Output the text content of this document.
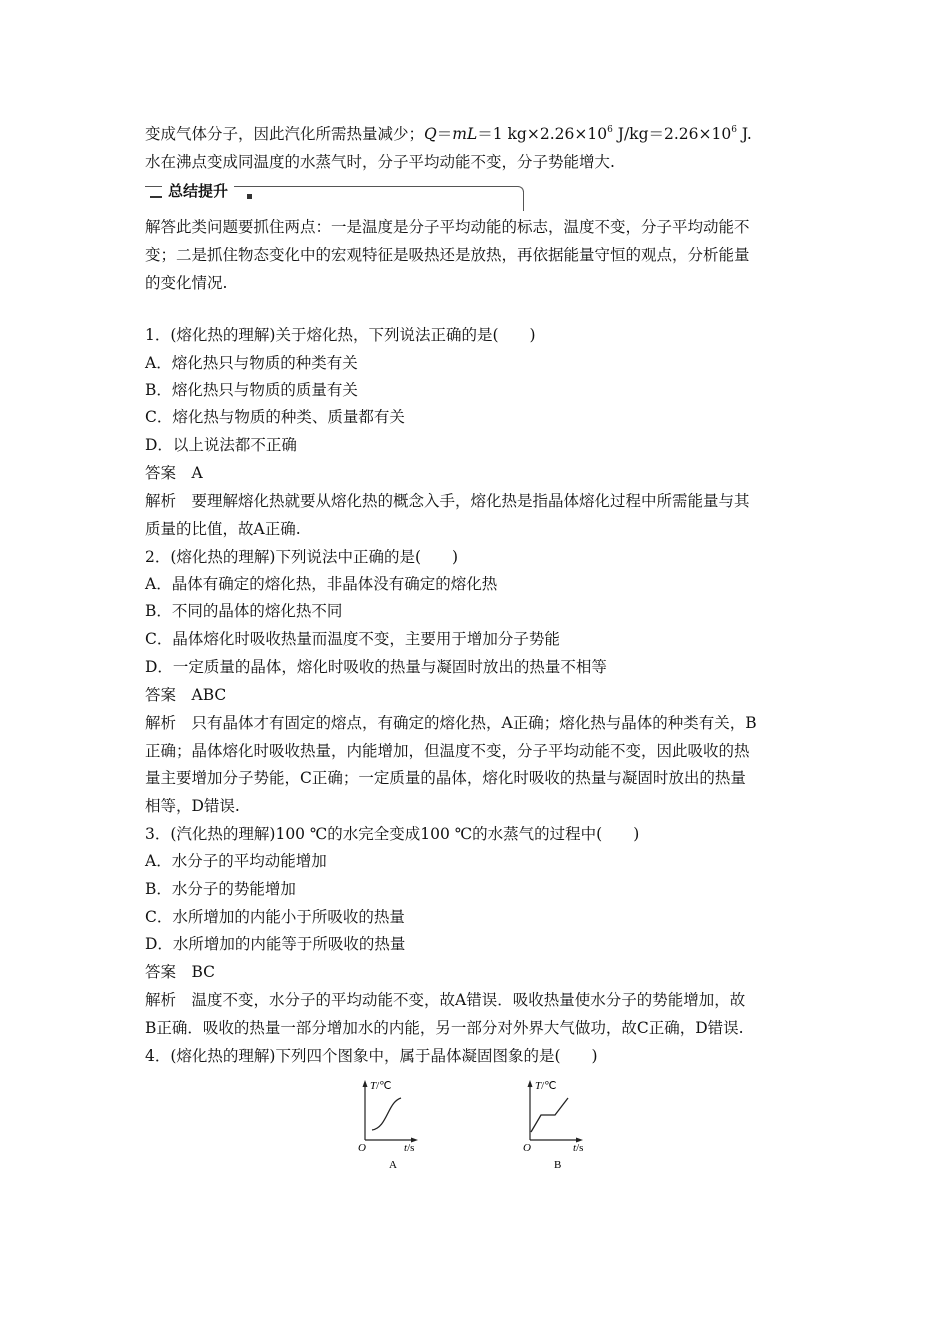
变成气体分子，因此汽化所需热量减少；Q＝mL＝1 $kg\times 2.26\times 10^6$ $J/kg=2.26\times 10^6$ J.
水在沸点变成同温度的水蒸气时，分子平均动能不变，分子势能增大.
总结提升
解答此类问题要抓住两点：一是温度是分子平均动能的标志，温度不变，分子平均动能不
变；二是抓住物态变化中的宏观特征是吸热还是放热，再依据能量守恒的观点，分析能量
的变化情况.
1．(熔化热的理解)关于熔化热，下列说法正确的是(　　)
A．熔化热只与物质的种类有关
B．熔化热只与物质的质量有关
C．熔化热与物质的种类、质量都有关
D．以上说法都不正确
答案　A
解析　要理解熔化热就要从熔化热的概念入手，熔化热是指晶体熔化过程中所需能量与其
质量的比值，故A正确.
2．(熔化热的理解)下列说法中正确的是(　　)
A．晶体有确定的熔化热，非晶体没有确定的熔化热
B．不同的晶体的熔化热不同
C．晶体熔化时吸收热量而温度不变，主要用于增加分子势能
D．一定质量的晶体，熔化时吸收的热量与凝固时放出的热量不相等
答案　ABC
解析　只有晶体才有固定的熔点，有确定的熔化热，A正确；熔化热与晶体的种类有关，B
正确；晶体熔化时吸收热量，内能增加，但温度不变，分子平均动能不变，因此吸收的热
量主要增加分子势能，C正确；一定质量的晶体，熔化时吸收的热量与凝固时放出的热量
相等，D错误.
3．(汽化热的理解)100 ℃的水完全变成100 ℃的水蒸气的过程中(　　)
A．水分子的平均动能增加
B．水分子的势能增加
C．水所增加的内能小于所吸收的热量
D．水所增加的内能等于所吸收的热量
答案　BC
解析　温度不变，水分子的平均动能不变，故A错误．吸收热量使水分子的势能增加，故
B正确．吸收的热量一部分增加水的内能，另一部分对外界大气做功，故C正确，D错误.
4．(熔化热的理解)下列四个图象中，属于晶体凝固图象的是(　　)
T/℃
O	t/s
A
T/℃
O	t/s
B
